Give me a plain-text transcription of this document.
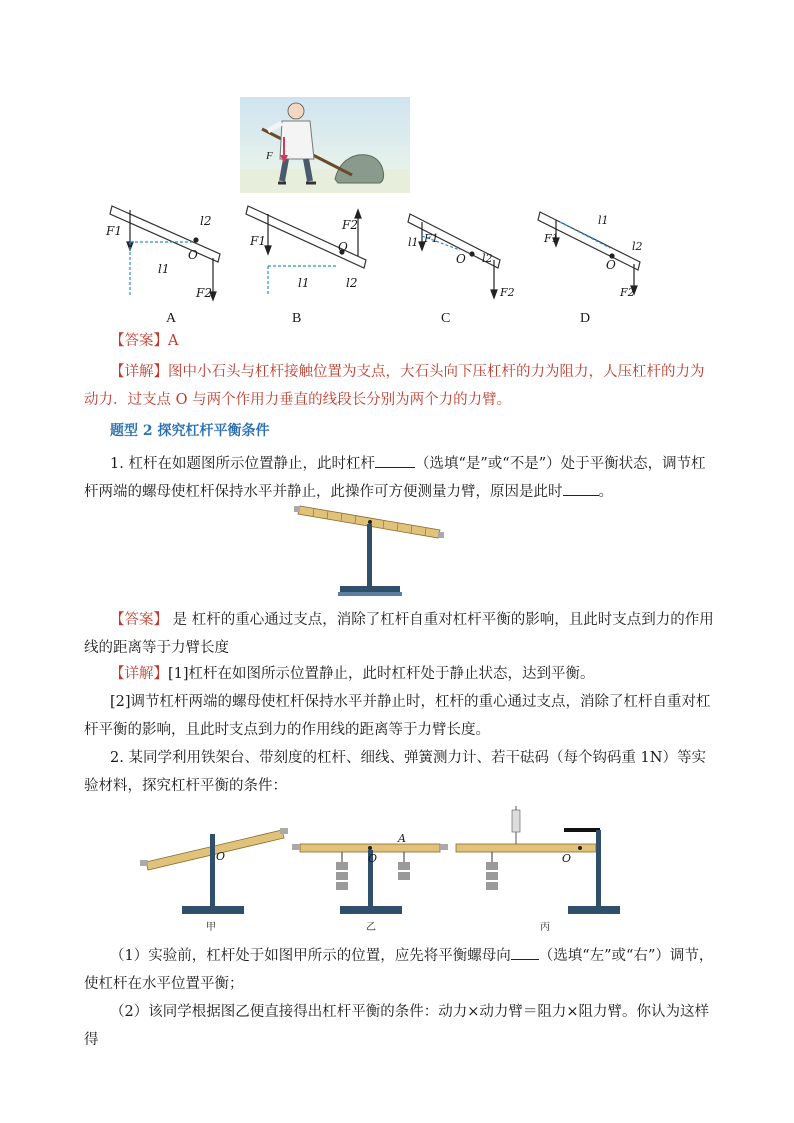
F
F1
l1
l2
O
F2
F1
F2
O
l1	l2
F1
l1
O l2
F2
F1
l1
l2
O
F2
A	B	C	D
【答案】A
【详解】图中小石头与杠杆接触位置为支点，大石头向下压杠杆的力为阻力，人压杠杆的力为动力．过支点 O 与两个作用力垂直的线段长分别为两个力的力臂。
题型 2 探究杠杆平衡条件
1. 杠杆在如题图所示位置静止，此时杠杆	（选填“是”或“不是”）处于平衡状态，调节杠杆两端的螺母使杠杆保持水平并静止，此操作可方便测量力臂，原因是此时 。
【答案】 是 杠杆的重心通过支点，消除了杠杆自重对杠杆平衡的影响，且此时支点到力的作用线的距离等于力臂长度
【详解】[1]杠杆在如图所示位置静止，此时杠杆处于静止状态，达到平衡。
[2]调节杠杆两端的螺母使杠杆保持水平并静止时，杠杆的重心通过支点，消除了杠杆自重对杠杆平衡的影响，且此时支点到力的作用线的距离等于力臂长度。
2. 某同学利用铁架台、带刻度的杠杆、细线、弹簧测力计、若干砝码（每个钩码重 1N）等实验材料，探究杠杆平衡的条件：
O	O
A
O
甲	乙	丙
（1）实验前，杠杆处于如图甲所示的位置，应先将平衡螺母向 （选填“左”或“右”）调节，使杠杆在水平位置平衡；
（2）该同学根据图乙便直接得出杠杆平衡的条件：动力×动力臂＝阻力×阻力臂。你认为这样得
